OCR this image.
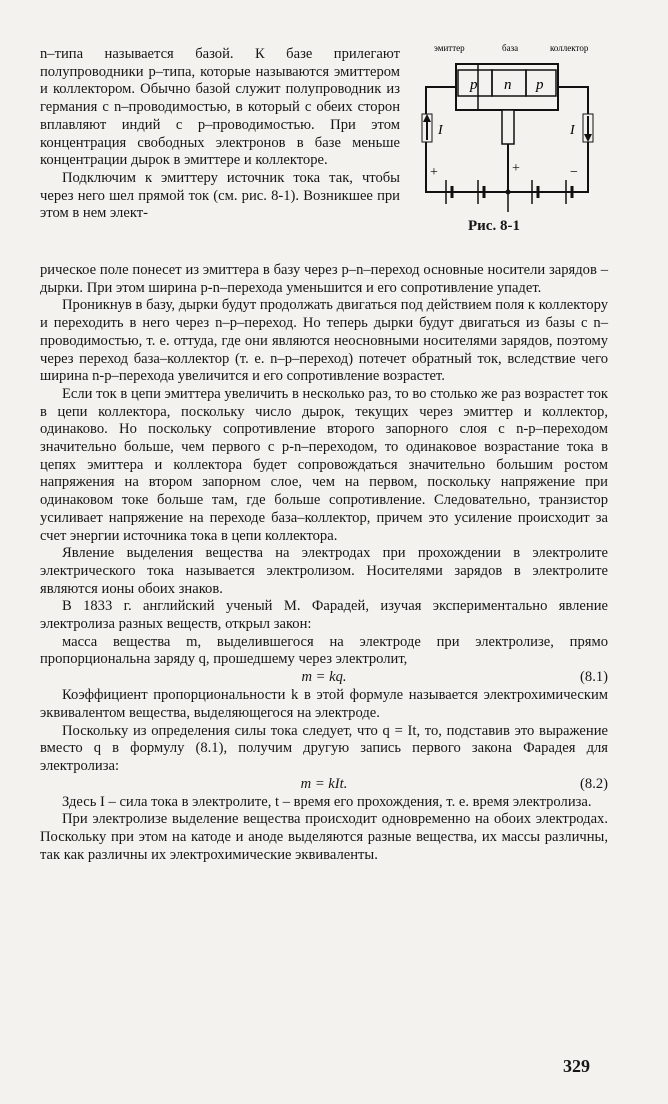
n–типа называется базой. К базе прилегают полупроводники p–типа, которые называются эмиттером и коллектором. Обычно базой служит полупроводник из германия с n–проводимостью, в который с обеих сторон вплавляют индий с p–проводимостью. При этом концентрация свободных электронов в базе меньше концентрации дырок в эмиттере и коллекторе.

Подключим к эмиттеру источник тока так, чтобы через него шел прямой ток (см. рис. 8-1). Возникшее при этом в нем элект-

эмиттер	база	коллектор
p n p
I	I
+	+	−
Рис. 8-1

рическое поле понесет из эмиттера в базу через p–n–переход основные носители зарядов – дырки. При этом ширина p-n–перехода уменьшится и его сопротивление упадет.

Проникнув в базу, дырки будут продолжать двигаться под действием поля к коллектору и переходить в него через n–p–переход. Но теперь дырки будут двигаться из базы с n–проводимостью, т. е. оттуда, где они являются неосновными носителями зарядов, поэтому через переход база–коллектор (т. е. n–p–переход) потечет обратный ток, вследствие чего ширина n-p–перехода увеличится и его сопротивление возрастет.

Если ток в цепи эмиттера увеличить в несколько раз, то во столько же раз возрастет ток в цепи коллектора, поскольку число дырок, текущих через эмиттер и коллектор, одинаково. Но поскольку сопротивление второго запорного слоя с n-p–переходом значительно больше, чем первого с p-n–переходом, то одинаковое возрастание тока в цепях эмиттера и коллектора будет сопровождаться значительно большим ростом напряжения на втором запорном слое, чем на первом, поскольку напряжение при одинаковом токе больше там, где больше сопротивление. Следовательно, транзистор усиливает напряжение на переходе база–коллектор, причем это усиление происходит за счет энергии источника тока в цепи коллектора.

Явление выделения вещества на электродах при прохождении в электролите электрического тока называется электролизом. Носителями зарядов в электролите являются ионы обоих знаков.

В 1833 г. английский ученый М. Фарадей, изучая экспериментально явление электролиза разных веществ, открыл закон:

масса вещества m, выделившегося на электроде при электролизе, прямо пропорциональна заряду q, прошедшему через электролит,

m = kq.	(8.1)

Коэффициент пропорциональности k в этой формуле называется электрохимическим эквивалентом вещества, выделяющегося на электроде.

Поскольку из определения силы тока следует, что q = It, то, подставив это выражение вместо q в формулу (8.1), получим другую запись первого закона Фарадея для электролиза:

m = kIt.	(8.2)

Здесь I – сила тока в электролите, t – время его прохождения, т. е. время электролиза.

При электролизе выделение вещества происходит одновременно на обоих электродах. Поскольку при этом на катоде и аноде выделяются разные вещества, их массы различны, так как различны их электрохимические эквиваленты.

329
